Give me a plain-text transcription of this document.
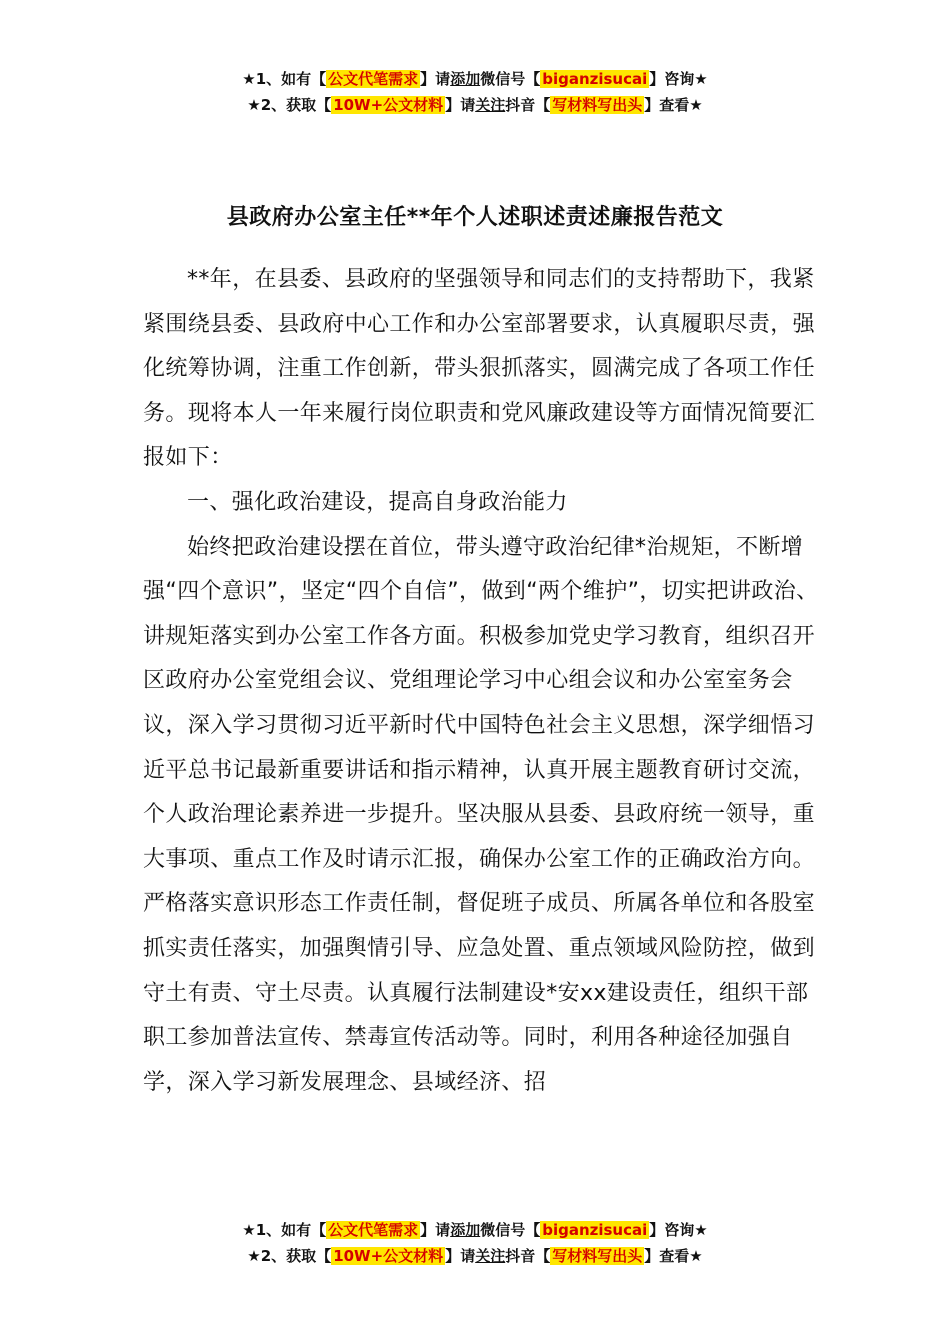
★1、如有【 公文代笔需求 】请添加微信号【 biganzisucai 】咨询★
★2、获取【 10W+公文材料 】请关注抖音【 写材料写出头 】查看★
县政府办公室主任**年个人述职述责述廉报告范文

**年，在县委、县政府的坚强领导和同志们的支持帮助下，我紧紧围绕县委、县政府中心工作和办公室部署要求，认真履职尽责，强化统筹协调，注重工作创新，带头狠抓落实，圆满完成了各项工作任务。现将本人一年来履行岗位职责和党风廉政建设等方面情况简要汇报如下：

一、强化政治建设，提高自身政治能力

始终把政治建设摆在首位，带头遵守政治纪律*治规矩，不断增强“四个意识”，坚定“四个自信”，做到“两个维护”，切实把讲政治、讲规矩落实到办公室工作各方面。积极参加党史学习教育，组织召开区政府办公室党组会议、党组理论学习中心组会议和办公室室务会议，深入学习贯彻习近平新时代中国特色社会主义思想，深学细悟习近平总书记最新重要讲话和指示精神，认真开展主题教育研讨交流，个人政治理论素养进一步提升。坚决服从县委、县政府统一领导，重大事项、重点工作及时请示汇报，确保办公室工作的正确政治方向。严格落实意识形态工作责任制，督促班子成员、所属各单位和各股室抓实责任落实，加强舆情引导、应急处置、重点领域风险防控，做到守土有责、守土尽责。认真履行法制建设*安xx建设责任，组织干部职工参加普法宣传、禁毒宣传活动等。同时，利用各种途径加强自学，深入学习新发展理念、县域经济、招

★1、如有【 公文代笔需求 】请添加微信号【 biganzisucai 】咨询★
★2、获取【 10W+公文材料 】请关注抖音【 写材料写出头 】查看★
